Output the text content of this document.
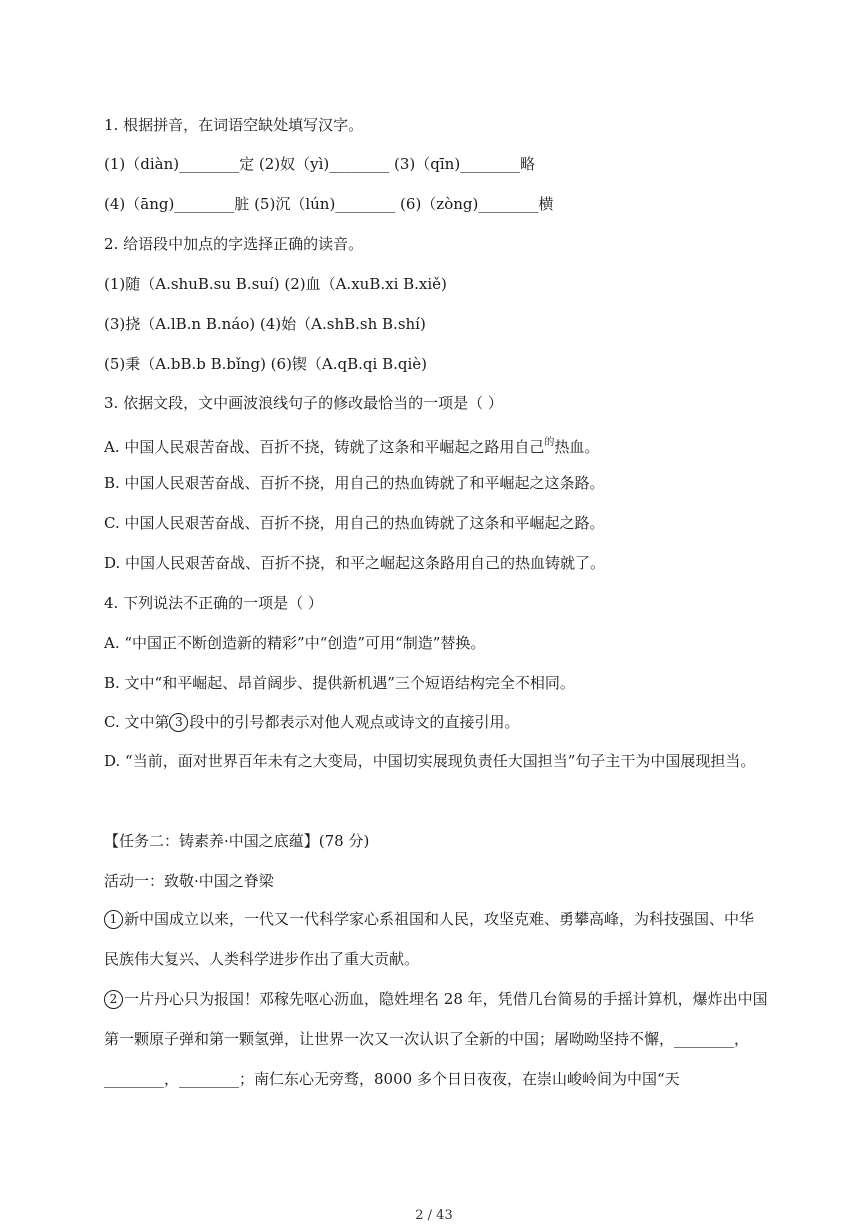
1. 根据拼音，在词语空缺处填写汉字。
(1)（diàn)________定 (2)奴（yì)________ (3)（qīn)________略
(4)（āng)________脏 (5)沉（lún)________ (6)（zòng)________横
2. 给语段中加点的字选择正确的读音。
(1)随（A.shuB.su B.suí) (2)血（A.xuB.xi B.xiě)
(3)挠（A.lB.n B.náo) (4)始（A.shB.sh B.shí)
(5)秉（A.bB.b B.bǐng) (6)锲（A.qB.qi B.qiè)
3. 依据文段，文中画波浪线句子的修改最恰当的一项是（ ）
A. 中国人民艰苦奋战、百折不挠，铸就了这条和平崛起之路用自己$^的$热血。
B. 中国人民艰苦奋战、百折不挠，用自己的热血铸就了和平崛起之这条路。
C. 中国人民艰苦奋战、百折不挠，用自己的热血铸就了这条和平崛起之路。
D. 中国人民艰苦奋战、百折不挠，和平之崛起这条路用自己的热血铸就了。
4. 下列说法不正确的一项是（ ）
A. “中国正不断创造新的精彩”中“创造”可用“制造”替换。
B. 文中“和平崛起、昂首阔步、提供新机遇”三个短语结构完全不相同。
C. 文中第 3 段中的引号都表示对他人观点或诗文的直接引用。
D. “当前，面对世界百年未有之大变局，中国切实展现负责任大国担当”句子主干为中国展现担当。
【任务二：铸素养·中国之底蕴】(78 分)
活动一：致敬·中国之脊梁
1 新中国成立以来，一代又一代科学家心系祖国和人民，攻坚克难、勇攀高峰，为科技强国、中华民族伟大复兴、人类科学进步作出了重大贡献。
2 一片丹心只为报国！邓稼先呕心沥血，隐姓埋名 28 年，凭借几台简易的手摇计算机，爆炸出中国第一颗原子弹和第一颗氢弹，让世界一次又一次认识了全新的中国；屠呦呦坚持不懈，________，________，________；南仁东心无旁骛，8000 多个日日夜夜，在崇山峻岭间为中国“天
2 / 43
